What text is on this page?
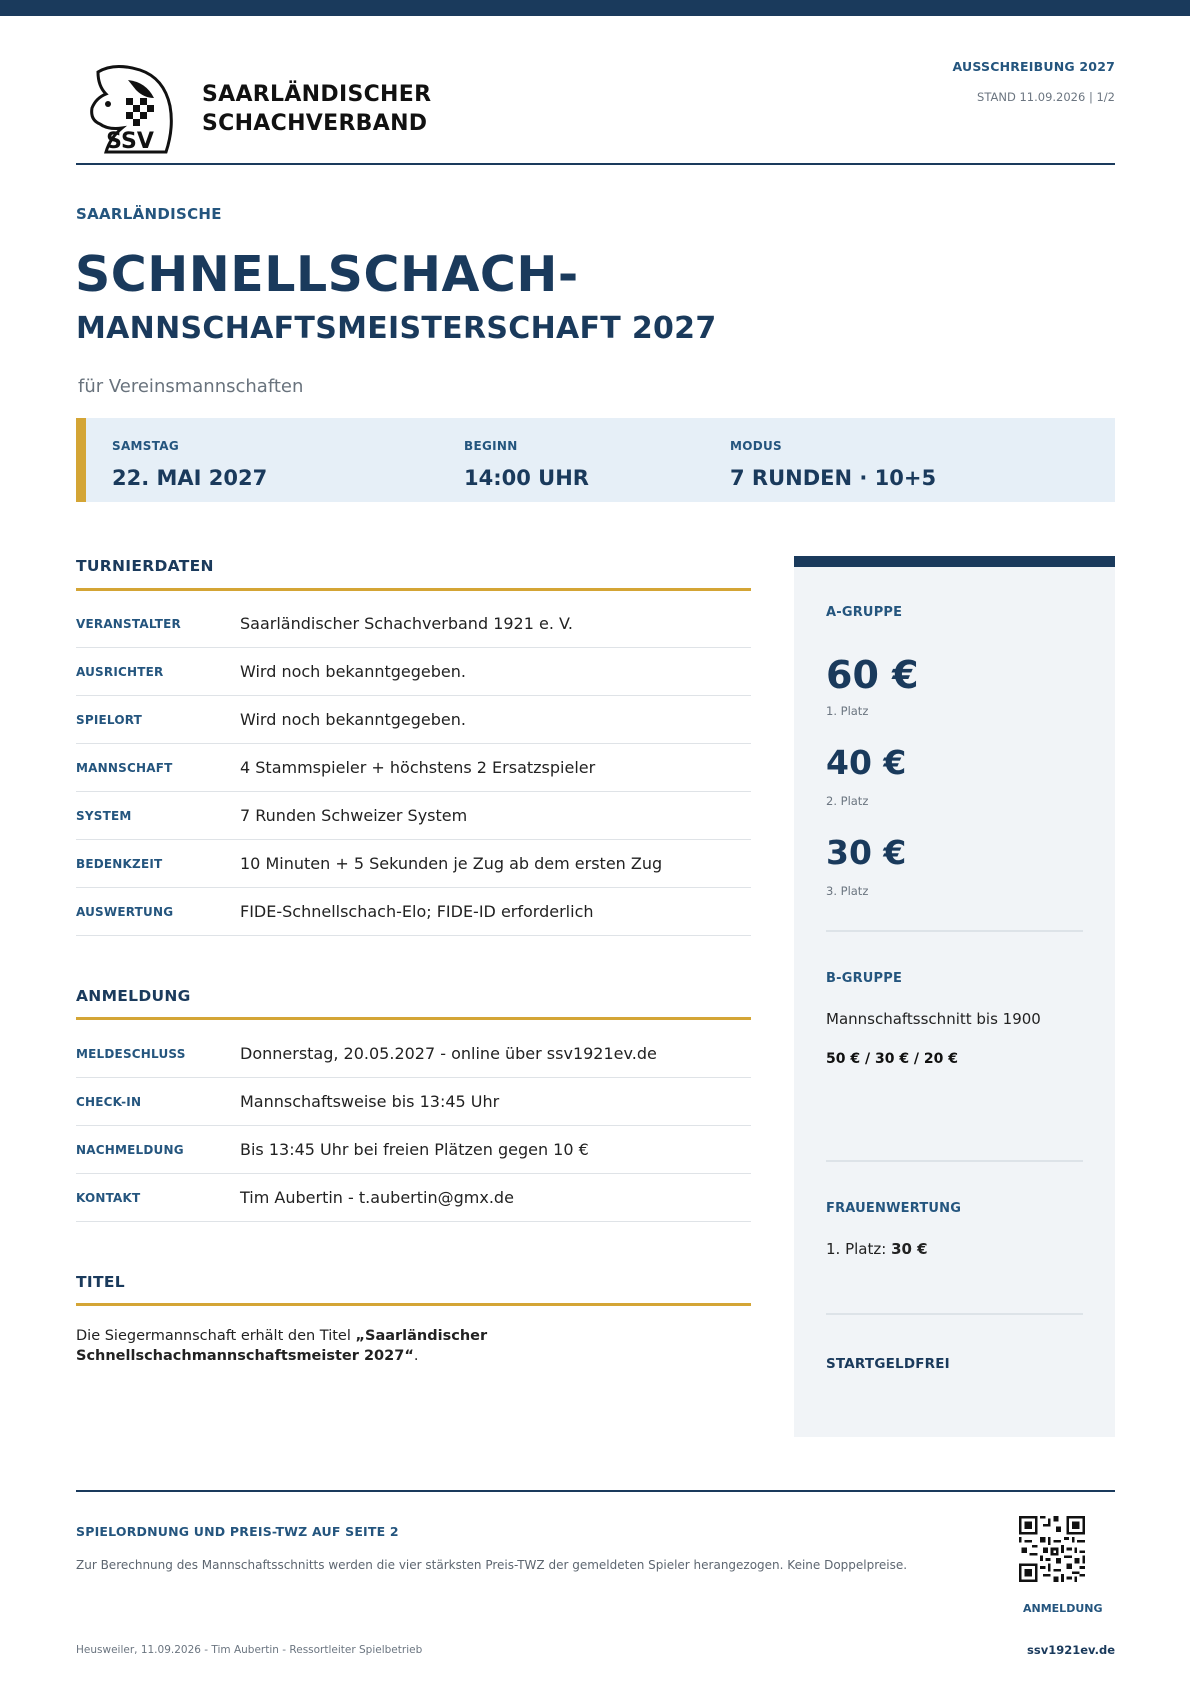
SSV
SAARLÄNDISCHER
SCHACHVERBAND
AUSSCHREIBUNG 2027
STAND 11.09.2026 | 1/2
SAARLÄNDISCHE
SCHNELLSCHACH-
MANNSCHAFTSMEISTERSCHAFT 2027
für Vereinsmannschaften
SAMSTAG
22. MAI 2027
BEGINN
14:00 UHR
MODUS
7 RUNDEN · 10+5
TURNIERDATEN
VERANSTALTER	Saarländischer Schachverband 1921 e. V.
AUSRICHTER	Wird noch bekanntgegeben.
SPIELORT	Wird noch bekanntgegeben.
MANNSCHAFT	4 Stammspieler + höchstens 2 Ersatzspieler
SYSTEM	7 Runden Schweizer System
BEDENKZEIT	10 Minuten + 5 Sekunden je Zug ab dem ersten Zug
AUSWERTUNG	FIDE-Schnellschach-Elo; FIDE-ID erforderlich
ANMELDUNG
MELDESCHLUSS	Donnerstag, 20.05.2027 - online über ssv1921ev.de
CHECK-IN	Mannschaftsweise bis 13:45 Uhr
NACHMELDUNG	Bis 13:45 Uhr bei freien Plätzen gegen 10 €
KONTAKT	Tim Aubertin - t.aubertin@gmx.de
TITEL
Die Siegermannschaft erhält den Titel „Saarländischer Schnellschachmannschaftsmeister 2027“.
A-GRUPPE
60 €
1. Platz
40 €
2. Platz
30 €
3. Platz
B-GRUPPE
Mannschaftsschnitt bis 1900
50 € / 30 € / 20 €
FRAUENWERTUNG
1. Platz: 30 €
STARTGELDFREI
SPIELORDNUNG UND PREIS-TWZ AUF SEITE 2
Zur Berechnung des Mannschaftsschnitts werden die vier stärksten Preis-TWZ der gemeldeten Spieler herangezogen. Keine Doppelpreise.
ANMELDUNG
Heusweiler, 11.09.2026 - Tim Aubertin - Ressortleiter Spielbetrieb	ssv1921ev.de
